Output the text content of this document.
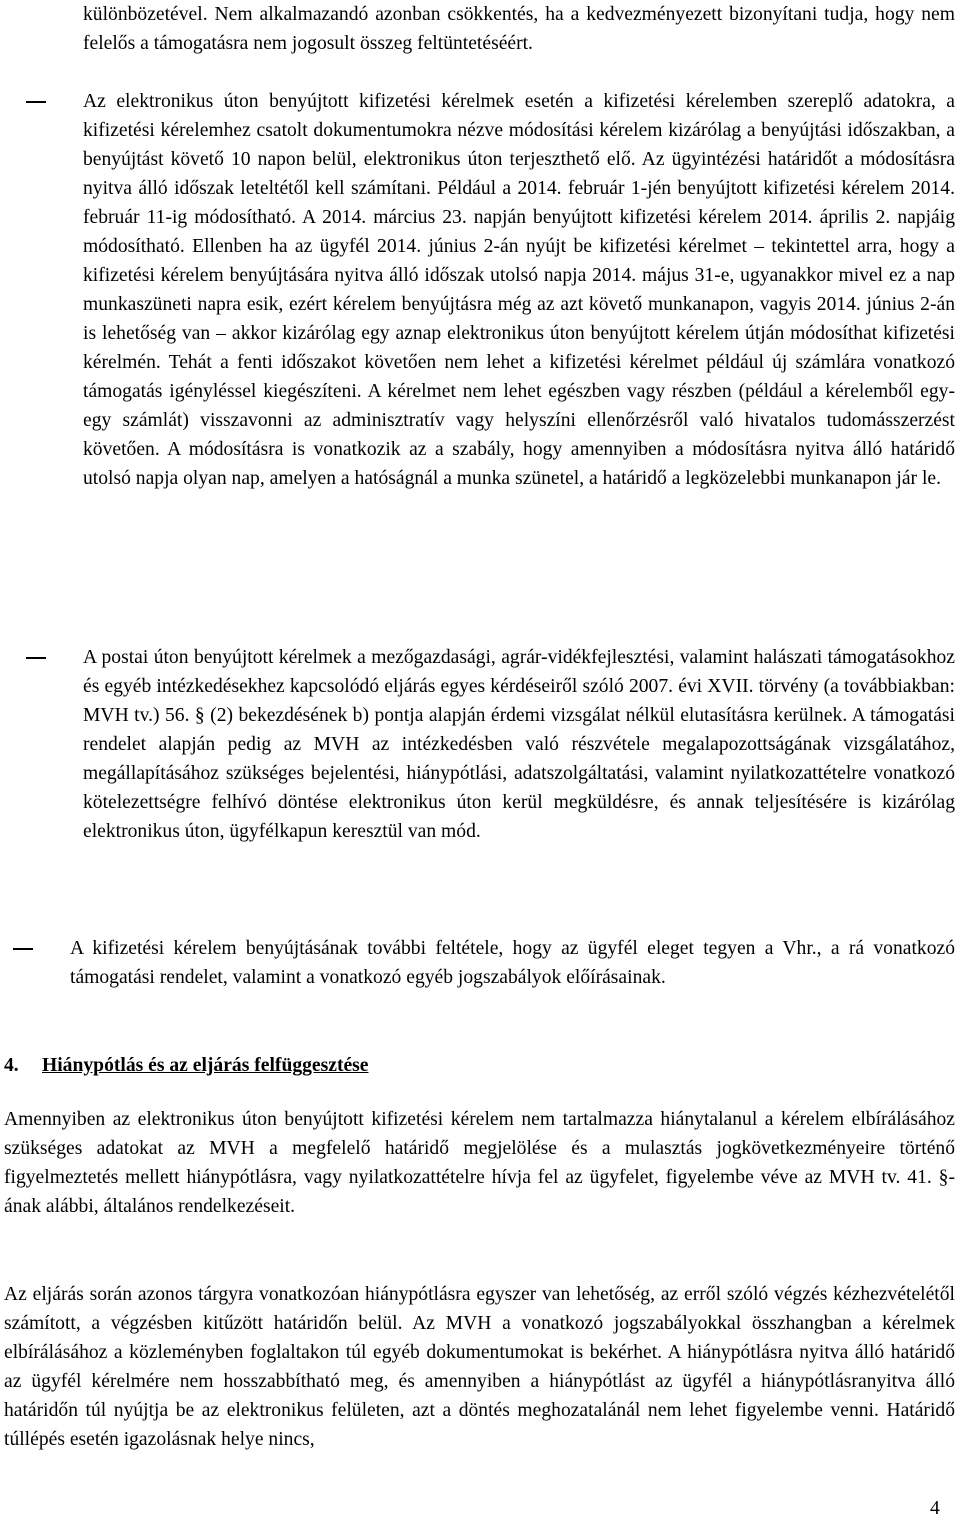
különbözetével. Nem alkalmazandó azonban csökkentés, ha a kedvezményezett bizonyítani tudja, hogy nem felelős a támogatásra nem jogosult összeg feltüntetéséért.

Az elektronikus úton benyújtott kifizetési kérelmek esetén a kifizetési kérelemben szereplő adatokra, a kifizetési kérelemhez csatolt dokumentumokra nézve módosítási kérelem kizárólag a benyújtási időszakban, a benyújtást követő 10 napon belül, elektronikus úton terjeszthető elő. Az ügyintézési határidőt a módosításra nyitva álló időszak leteltétől kell számítani. Például a 2014. február 1-jén benyújtott kifizetési kérelem 2014. február 11-ig módosítható. A 2014. március 23. napján benyújtott kifizetési kérelem 2014. április 2. napjáig módosítható. Ellenben ha az ügyfél 2014. június 2-án nyújt be kifizetési kérelmet – tekintettel arra, hogy a kifizetési kérelem benyújtására nyitva álló időszak utolsó napja 2014. május 31-e, ugyanakkor mivel ez a nap munkaszüneti napra esik, ezért kérelem benyújtásra még az azt követő munkanapon, vagyis 2014. június 2-án is lehetőség van – akkor kizárólag egy aznap elektronikus úton benyújtott kérelem útján módosíthat kifizetési kérelmén. Tehát a fenti időszakot követően nem lehet a kifizetési kérelmet például új számlára vonatkozó támogatás igényléssel kiegészíteni. A kérelmet nem lehet egészben vagy részben (például a kérelemből egy-egy számlát) visszavonni az adminisztratív vagy helyszíni ellenőrzésről való hivatalos tudomásszerzést követően. A módosításra is vonatkozik az a szabály, hogy amennyiben a módosításra nyitva álló határidő utolsó napja olyan nap, amelyen a hatóságnál a munka szünetel, a határidő a legközelebbi munkanapon jár le.

A postai úton benyújtott kérelmek a mezőgazdasági, agrár-vidékfejlesztési, valamint halászati támogatásokhoz és egyéb intézkedésekhez kapcsolódó eljárás egyes kérdéseiről szóló 2007. évi XVII. törvény (a továbbiakban: MVH tv.) 56. § (2) bekezdésének b) pontja alapján érdemi vizsgálat nélkül elutasításra kerülnek. A támogatási rendelet alapján pedig az MVH az intézkedésben való részvétele megalapozottságának vizsgálatához, megállapításához szükséges bejelentési, hiánypótlási, adatszolgáltatási, valamint nyilatkozattételre vonatkozó kötelezettségre felhívó döntése elektronikus úton kerül megküldésre, és annak teljesítésére is kizárólag elektronikus úton, ügyfélkapun keresztül van mód.

A kifizetési kérelem benyújtásának további feltétele, hogy az ügyfél eleget tegyen a Vhr., a rá vonatkozó támogatási rendelet, valamint a vonatkozó egyéb jogszabályok előírásainak.

4. Hiánypótlás és az eljárás felfüggesztése

Amennyiben az elektronikus úton benyújtott kifizetési kérelem nem tartalmazza hiánytalanul a kérelem elbírálásához szükséges adatokat az MVH a megfelelő határidő megjelölése és a mulasztás jogkövetkezményeire történő figyelmeztetés mellett hiánypótlásra, vagy nyilatkozattételre hívja fel az ügyfelet, figyelembe véve az MVH tv. 41. §-ának alábbi, általános rendelkezéseit.

Az eljárás során azonos tárgyra vonatkozóan hiánypótlásra egyszer van lehetőség, az erről szóló végzés kézhezvételétől számított, a végzésben kitűzött határidőn belül. Az MVH a vonatkozó jogszabályokkal összhangban a kérelmek elbírálásához a közleményben foglaltakon túl egyéb dokumentumokat is bekérhet. A hiánypótlásra nyitva álló határidő az ügyfél kérelmére nem hosszabbítható meg, és amennyiben a hiánypótlást az ügyfél a hiánypótlásranyitva álló határidőn túl nyújtja be az elektronikus felületen, azt a döntés meghozatalánál nem lehet figyelembe venni. Határidő túllépés esetén igazolásnak helye nincs,

4
